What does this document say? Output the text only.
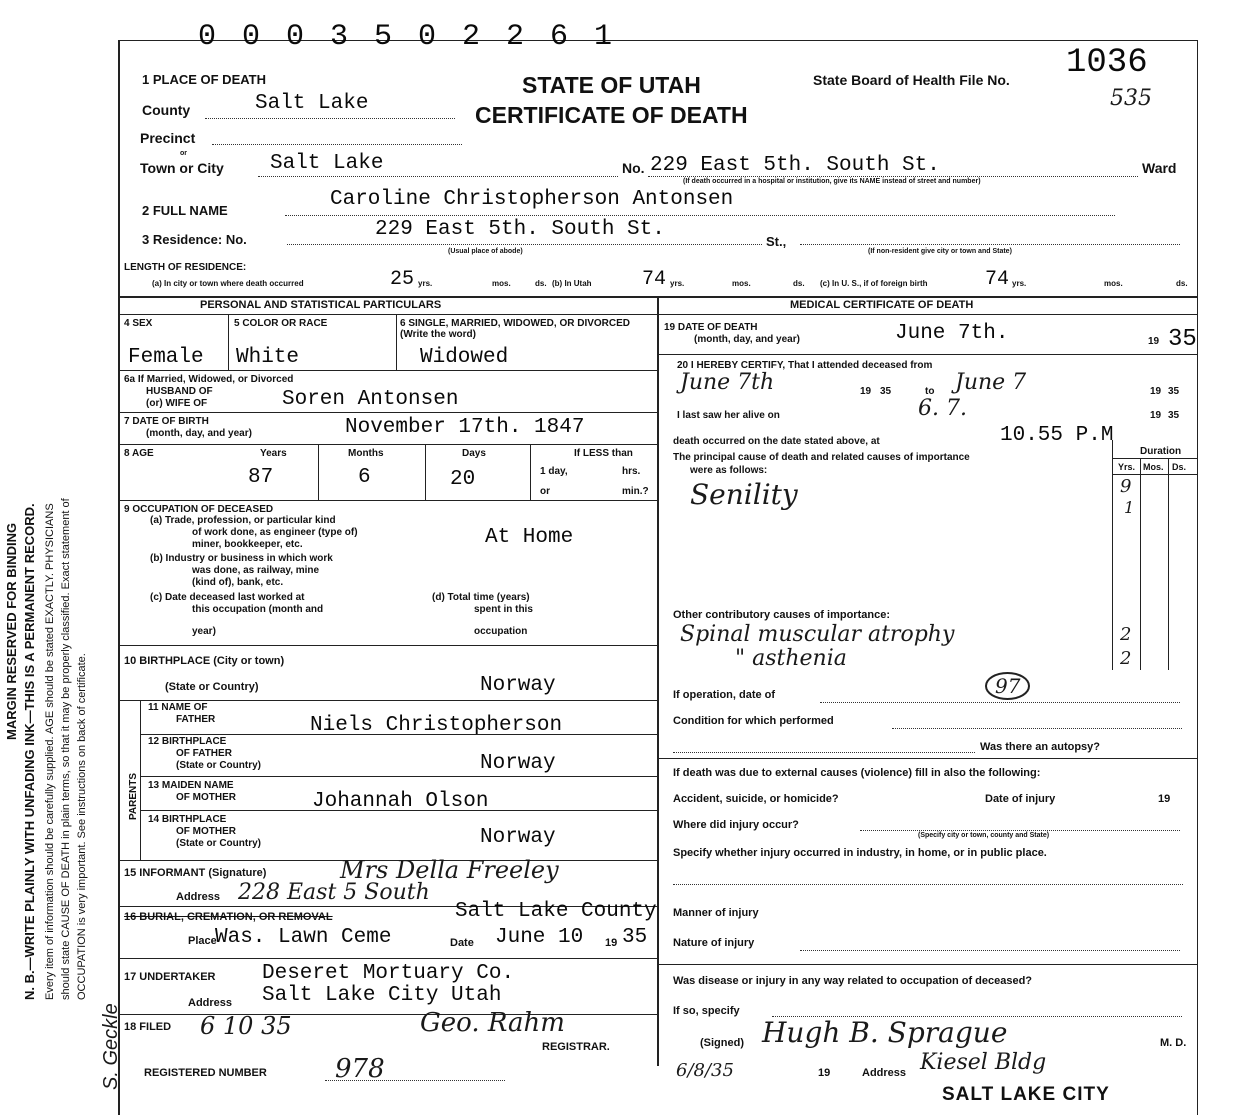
MARGIN RESERVED FOR BINDING N. B.—WRITE PLAINLY WITH UNFADING INK—THIS IS A PERMANENT RECORD. Every item of information should be carefully supplied. AGE should be stated EXACTLY. PHYSICIANS should state CAUSE OF DEATH in plain terms, so that it may be properly classified. Exact statement of OCCUPATION is very important. See instructions on back of certificate.
S. Geckle
0 0 0 3 5 0 2 2 6 1
STATE OF UTAH
CERTIFICATE OF DEATH
State Board of Health File No. 1036
535
1 PLACE OF DEATH
County	Salt Lake
Precinct
or
Town or City Salt Lake	No. 229 East 5th. South St.	Ward
(If death occurred in a hospital or institution, give its NAME instead of street and number)
2 FULL NAME	Caroline Christopherson Antonsen
3 Residence: No.	229 East 5th. South St.
St.,
(Usual place of abode)	(If non-resident give city or town and State)
LENGTH OF RESIDENCE:
(a) In city or town where death occurred	25 yrs.	mos.	ds. (b) In Utah	74 yrs.	mos.	ds. (c) In U. S., if of foreign birth	74 yrs.	mos.	ds.
PERSONAL AND STATISTICAL PARTICULARS
4 SEX
Female
5 COLOR OR RACE
White
6 SINGLE, MARRIED, WIDOWED, OR DIVORCED (Write the word)
Widowed
6a If Married, Widowed, or Divorced
HUSBAND OF
(or) WIFE OF	Soren Antonsen
7 DATE OF BIRTH
(month, day, and year)	November 17th. 1847
8 AGE	Years	Months	Days
87	6	20
If LESS than
1 day,	hrs.
or	min.?
9 OCCUPATION OF DECEASED
(a) Trade, profession, or particular kind
of work done, as engineer (type of)
miner, bookkeeper, etc.	At Home
(b) Industry or business in which work
was done, as railway, mine
(kind of), bank, etc.
(c) Date deceased last worked at
this occupation (month and
year)
(d) Total time (years)
spent in this
occupation
10 BIRTHPLACE (City or town)
(State or Country)	Norway
PARENTS
11 NAME OF
FATHER	Niels Christopherson
12 BIRTHPLACE
OF FATHER
(State or Country)	Norway
13 MAIDEN NAME
OF MOTHER	Johannah Olson
14 BIRTHPLACE
OF MOTHER
(State or Country)	Norway
15 INFORMANT (Signature)	Mrs Della Freeley
Address 228 East 5 South
16 BURIAL, CREMATION, OR REMOVAL	Salt Lake County
Place
Was. Lawn Ceme	Date June 10 19 35
17 UNDERTAKER Deseret Mortuary Co.
Address Salt Lake City Utah
18 FILED 6 10 35	Geo. Rahm
REGISTRAR.
REGISTERED NUMBER	978
MEDICAL CERTIFICATE OF DEATH
19 DATE OF DEATH
(month, day, and year)	June 7th.	19 35
20 I HEREBY CERTIFY, That I attended deceased from
June 7th	19 35	to June 7	19 35
I last saw her alive on	6. 7.	19 35
death occurred on the date stated above, at	10.55 P.M
Duration
The principal cause of death and related causes of importance
were as follows:	Yrs. Mos. Ds.
Senility	9
1
Other contributory causes of importance:
Spinal muscular atrophy	2
" asthenia	2
97
If operation, date of
Condition for which performed
Was there an autopsy?
If death was due to external causes (violence) fill in also the following:
Accident, suicide, or homicide?	Date of injury	19
Where did injury occur?
(Specify city or town, county and State)
Specify whether injury occurred in industry, in home, or in public place.
Manner of injury
Nature of injury
Was disease or injury in any way related to occupation of deceased?
If so, specify
(Signed) Hugh B. Sprague	M. D.
6/8/35	19	Address Kiesel Bldg
SALT LAKE CITY
